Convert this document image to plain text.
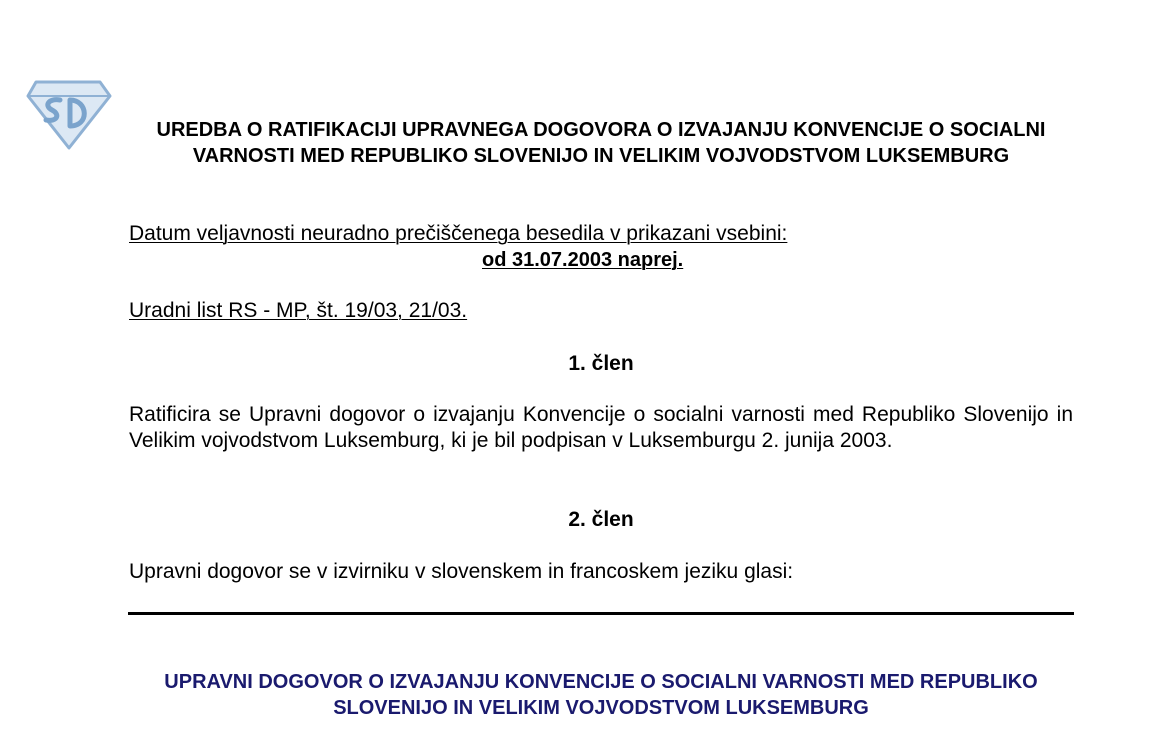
UREDBA O RATIFIKACIJI UPRAVNEGA DOGOVORA O IZVAJANJU KONVENCIJE O SOCIALNI VARNOSTI MED REPUBLIKO SLOVENIJO IN VELIKIM VOJVODSTVOM LUKSEMBURG
Datum veljavnosti neuradno prečiščenega besedila v prikazani vsebini:
od 31.07.2003 naprej.
Uradni list RS - MP, št. 19/03, 21/03.
1. člen

Ratificira se Upravni dogovor o izvajanju Konvencije o socialni varnosti med Republiko Slovenijo in Velikim vojvodstvom Luksemburg, ki je bil podpisan v Luksemburgu 2. junija 2003.

2. člen

Upravni dogovor se v izvirniku v slovenskem in francoskem jeziku glasi:

UPRAVNI DOGOVOR O IZVAJANJU KONVENCIJE O SOCIALNI VARNOSTI MED REPUBLIKO SLOVENIJO IN VELIKIM VOJVODSTVOM LUKSEMBURG
